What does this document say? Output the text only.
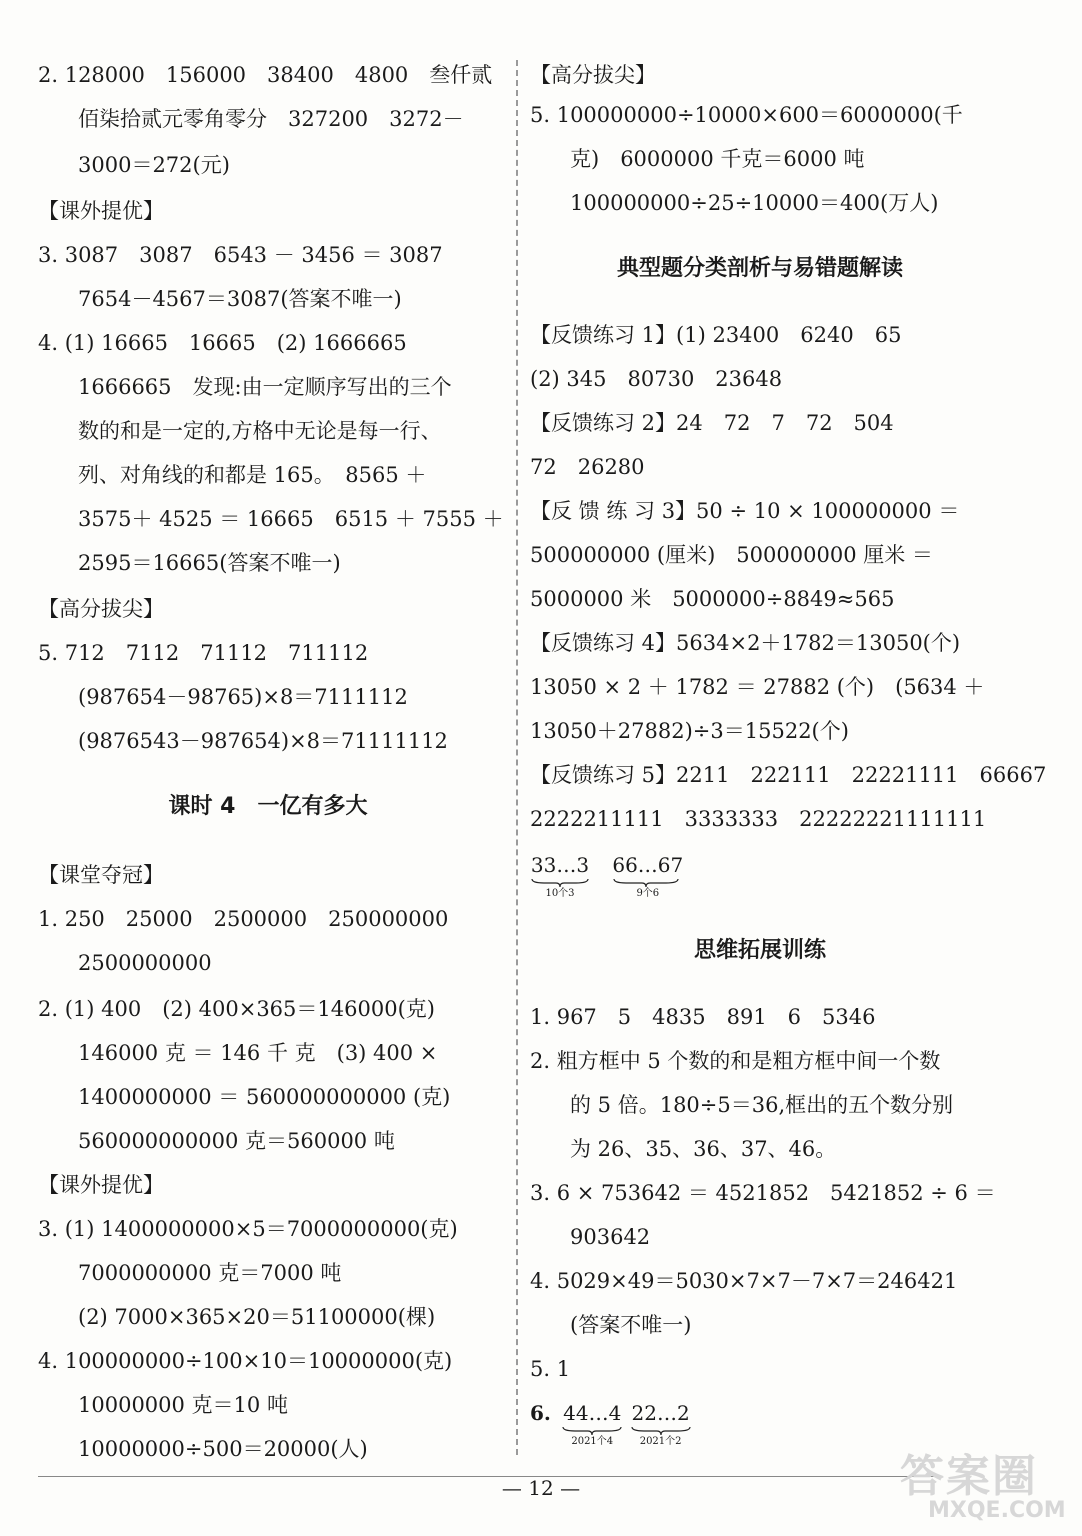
2. 128000　156000　38400　4800　叁仟贰
佰柒拾贰元零角零分　327200　3272－
3000＝272(元)
【课外提优】
3. 3087　3087　6543 － 3456 ＝ 3087
7654－4567＝3087(答案不唯一)
4. (1) 16665　16665　(2) 1666665
1666665　发现:由一定顺序写出的三个
数的和是一定的,方格中无论是每一行、
列、对角线的和都是 165。　8565 ＋
3575＋ 4525 ＝ 16665　6515 ＋ 7555 ＋
2595＝16665(答案不唯一)
【高分拔尖】
5. 712　7112　71112　711112
(987654－98765)×8＝7111112
(9876543－987654)×8＝71111112
课时 4　一亿有多大
【课堂夺冠】
1. 250　25000　2500000　250000000
2500000000
2. (1) 400　(2) 400×365＝146000(克)
146000 克 ＝ 146 千 克　(3) 400 ×
1400000000 ＝ 560000000000 (克)
560000000000 克＝560000 吨
【课外提优】
3. (1) 1400000000×5＝7000000000(克)
7000000000 克＝7000 吨
(2) 7000×365×20＝51100000(棵)
4. 100000000÷100×10＝10000000(克)
10000000 克＝10 吨
10000000÷500＝20000(人)
【高分拔尖】
5. 100000000÷10000×600＝6000000(千
克)　6000000 千克＝6000 吨
100000000÷25÷10000＝400(万人)
典型题分类剖析与易错题解读
【反馈练习 1】(1) 23400　6240　65
(2) 345　80730　23648
【反馈练习 2】24　72　7　72　504
72　26280
【反 馈 练 习 3】50 ÷ 10 × 100000000 ＝
500000000 (厘米)　500000000 厘米 ＝
5000000 米　5000000÷8849≈565
【反馈练习 4】5634×2＋1782＝13050(个)
13050 × 2 ＋ 1782 ＝ 27882 (个)　(5634 ＋
13050＋27882)÷3＝15522(个)
【反馈练习 5】2211　222111　22221111　66667
2222211111　3333333　22222221111111
33…3
10个3

66…67
9个6
思维拓展训练
1. 967　5　4835　891　6　5346
2. 粗方框中 5 个数的和是粗方框中间一个数
的 5 倍。180÷5＝36,框出的五个数分别
为 26、35、36、37、46。
3. 6 × 753642 ＝ 4521852　5421852 ÷ 6 ＝
903642
4. 5029×49＝5030×7×7－7×7＝246421
(答案不唯一)
5. 1
6. 44…4
2021个4

22…2
2021个2
— 12 —	答案圈
MXQE.COM
